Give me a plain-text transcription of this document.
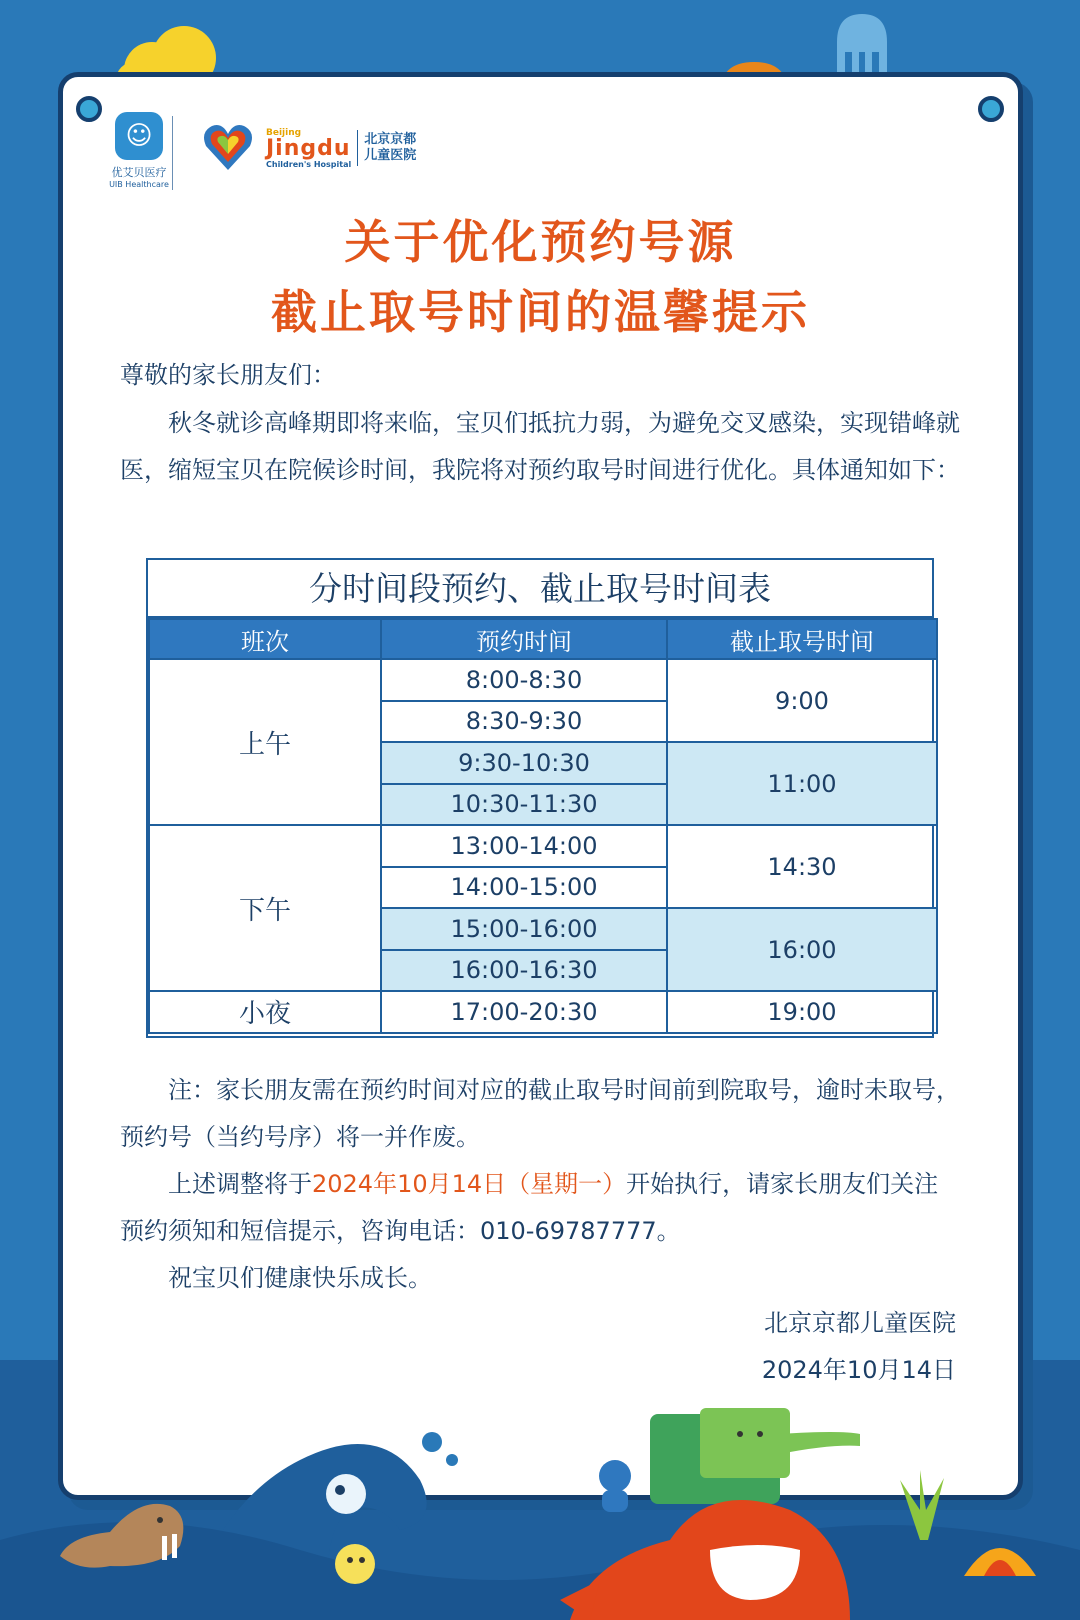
☺
优艾贝医疗
UIB Healthcare
Beijing
Jingdu
Children's Hospital
北京京都
儿童医院
关于优化预约号源
截止取号时间的温馨提示
尊敬的家长朋友们：
秋冬就诊高峰期即将来临，宝贝们抵抗力弱，为避免交叉感染，实现错峰就医，缩短宝贝在院候诊时间，我院将对预约取号时间进行优化。具体通知如下：
分时间段预约、截止取号时间表
班次	预约时间	截止取号时间
上午	8:00-8:30	9:00
	8:30-9:30	
	9:30-10:30	11:00
	10:30-11:30	
下午	13:00-14:00	14:30
	14:00-15:00	
	15:00-16:00	16:00
	16:00-16:30	
小夜	17:00-20:30	19:00

注：家长朋友需在预约时间对应的截止取号时间前到院取号，逾时未取号，预约号（当约号序）将一并作废。

上述调整将于2024年10月14日（星期一）开始执行，请家长朋友们关注预约须知和短信提示，咨询电话：010-69787777。

祝宝贝们健康快乐成长。

北京京都儿童医院
2024年10月14日
